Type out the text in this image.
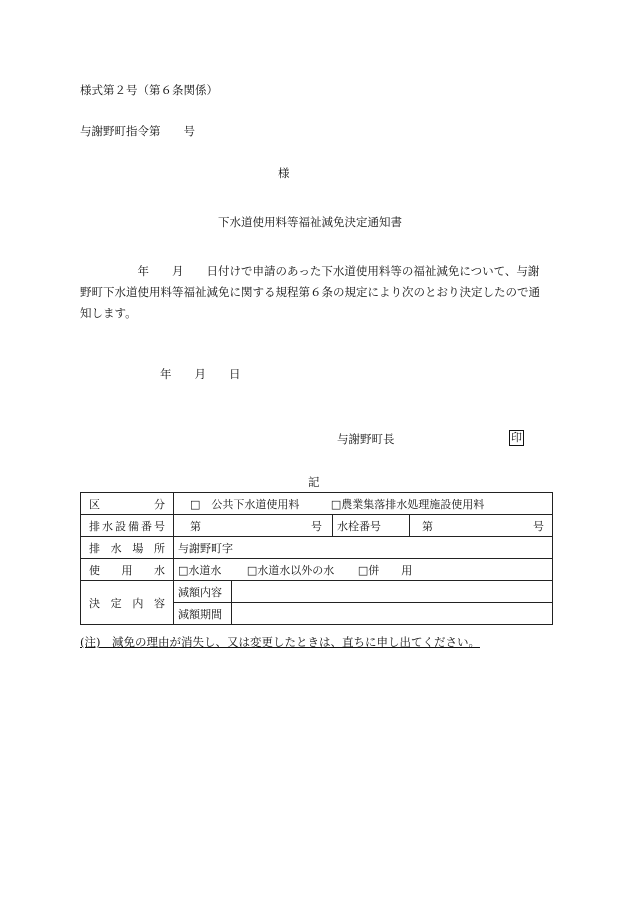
様式第２号（第６条関係）
与謝野町指令第　　号
様
下水道使用料等福祉減免決定通知書
　　　　　年　　月　　日付けで申請のあった下水道使用料等の福祉減免について、与謝野町下水道使用料等福祉減免に関する規程第６条の規定により次のとおり決定したので通知します。
年　　月　　日
与謝野町長	印
記
区分	□　公共下水道使用料 □農業集落排水処理施設使用料			
排水設備番号	第 号		水栓番号	第 号

排水場所	与謝野町字			
使用水	□水道水 □水道水以外の水 □併　　用			
決定内容	減額内容			
	減額期間			
(注)　減免の理由が消失し、又は変更したときは、直ちに申し出てください。
